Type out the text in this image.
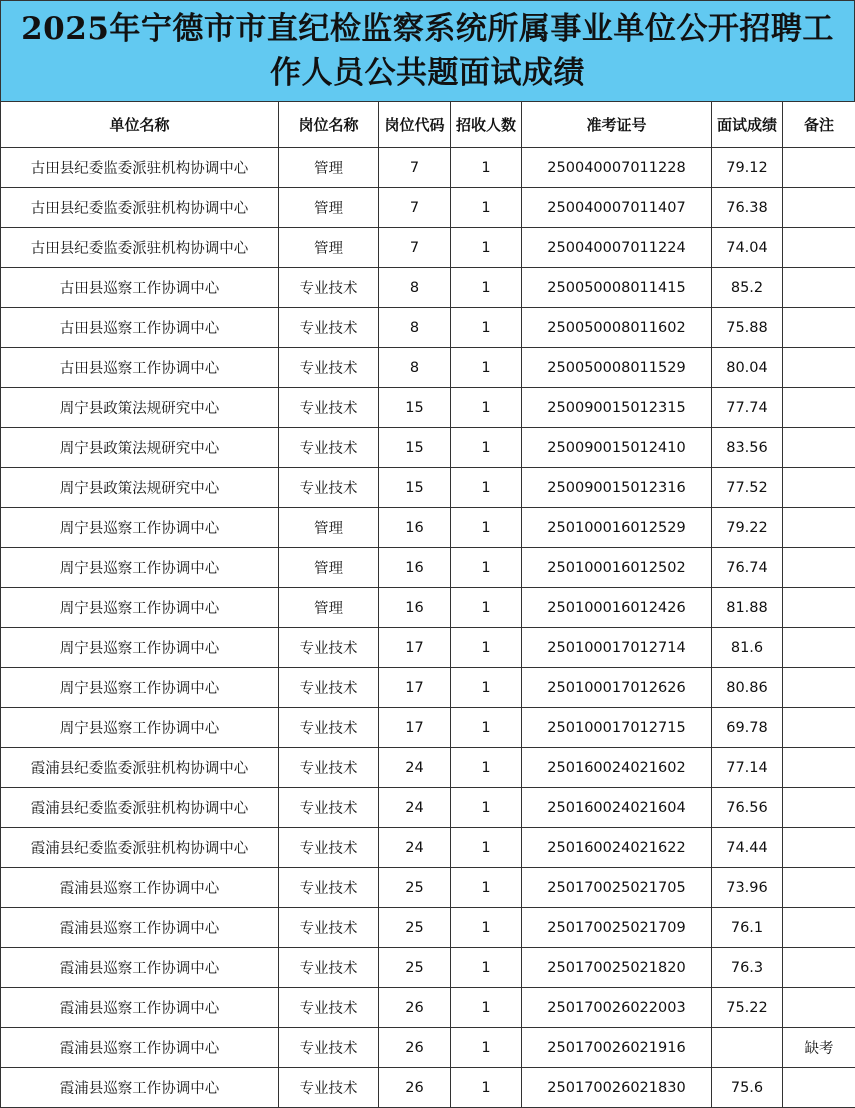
2025年宁德市市直纪检监察系统所属事业单位公开招聘工作人员公共题面试成绩
单位名称	岗位名称	岗位代码	招收人数	准考证号	面试成绩	备注
古田县纪委监委派驻机构协调中心	管理	7	1	250040007011228	79.12	
古田县纪委监委派驻机构协调中心	管理	7	1	250040007011407	76.38	
古田县纪委监委派驻机构协调中心	管理	7	1	250040007011224	74.04	
古田县巡察工作协调中心	专业技术	8	1	250050008011415	85.2	
古田县巡察工作协调中心	专业技术	8	1	250050008011602	75.88	
古田县巡察工作协调中心	专业技术	8	1	250050008011529	80.04	
周宁县政策法规研究中心	专业技术	15	1	250090015012315	77.74	
周宁县政策法规研究中心	专业技术	15	1	250090015012410	83.56	
周宁县政策法规研究中心	专业技术	15	1	250090015012316	77.52	
周宁县巡察工作协调中心	管理	16	1	250100016012529	79.22	
周宁县巡察工作协调中心	管理	16	1	250100016012502	76.74	
周宁县巡察工作协调中心	管理	16	1	250100016012426	81.88	
周宁县巡察工作协调中心	专业技术	17	1	250100017012714	81.6	
周宁县巡察工作协调中心	专业技术	17	1	250100017012626	80.86	
周宁县巡察工作协调中心	专业技术	17	1	250100017012715	69.78	
霞浦县纪委监委派驻机构协调中心	专业技术	24	1	250160024021602	77.14	
霞浦县纪委监委派驻机构协调中心	专业技术	24	1	250160024021604	76.56	
霞浦县纪委监委派驻机构协调中心	专业技术	24	1	250160024021622	74.44	
霞浦县巡察工作协调中心	专业技术	25	1	250170025021705	73.96	
霞浦县巡察工作协调中心	专业技术	25	1	250170025021709	76.1	
霞浦县巡察工作协调中心	专业技术	25	1	250170025021820	76.3	
霞浦县巡察工作协调中心	专业技术	26	1	250170026022003	75.22	
霞浦县巡察工作协调中心	专业技术	26	1	250170026021916		缺考
霞浦县巡察工作协调中心	专业技术	26	1	250170026021830	75.6	
